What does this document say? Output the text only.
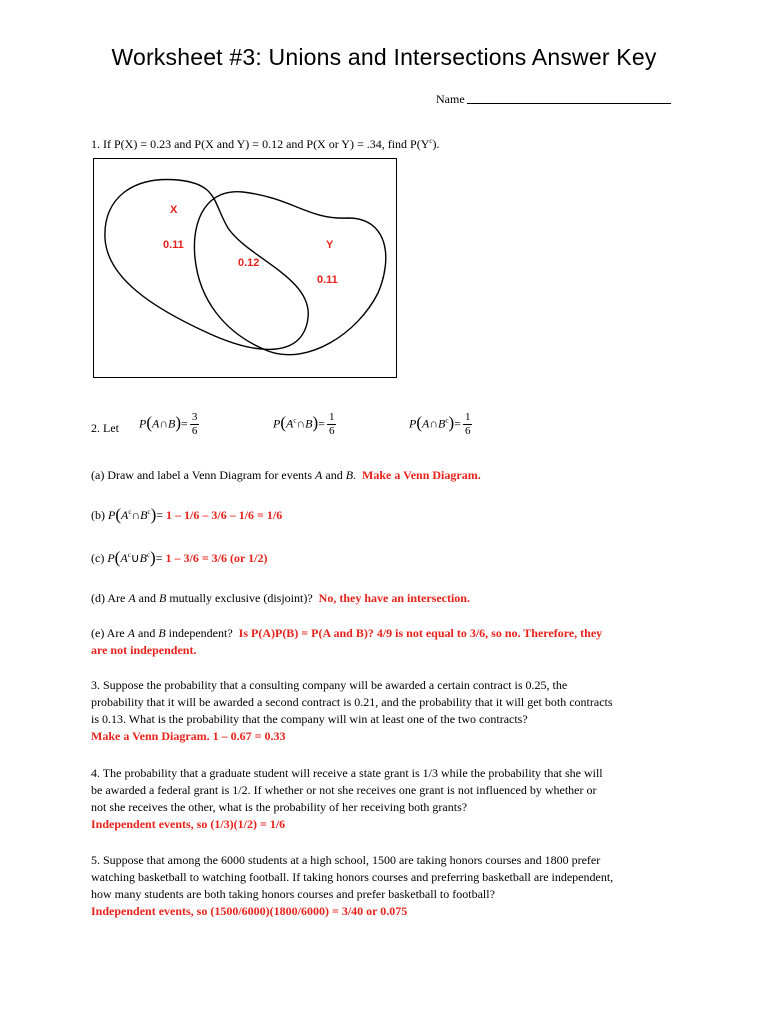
Worksheet #3: Unions and Intersections Answer Key
Name
1. If P(X) = 0.23 and P(X and Y) = 0.12 and P(X or Y) = .34, find $P(Y^c)$.
X
0.11
0.12
Y
0.11
2. Let P(A∩B)= $\frac{3}{6}$	$P(A^c\cap B)= \frac{1}{6}$	$P(A\cap B^c)= \frac{1}{6}$
(a) Draw and label a Venn Diagram for events A and B. Make a Venn Diagram.
(b) $P(A^c\cap B^c)= 1 - 1/6 - 3/6 - 1/6 = 1/6$
(c) $P(A^c\cup B^c)= 1 - 3/6 = 3/6$ (or 1/2)
(d) Are A and B mutually exclusive (disjoint)? No, they have an intersection.
(e) Are A and B independent? Is P(A)P(B) = P(A and B)? 4/9 is not equal to 3/6, so no. Therefore, they
are not independent.
3. Suppose the probability that a consulting company will be awarded a certain contract is 0.25, the
probability that it will be awarded a second contract is 0.21, and the probability that it will get both contracts
is 0.13. What is the probability that the company will win at least one of the two contracts?
Make a Venn Diagram. 1 – 0.67 = 0.33
4. The probability that a graduate student will receive a state grant is 1/3 while the probability that she will
be awarded a federal grant is 1/2. If whether or not she receives one grant is not influenced by whether or
not she receives the other, what is the probability of her receiving both grants?
Independent events, so (1/3)(1/2) = 1/6
5. Suppose that among the 6000 students at a high school, 1500 are taking honors courses and 1800 prefer
watching basketball to watching football. If taking honors courses and preferring basketball are independent,
how many students are both taking honors courses and prefer basketball to football?
Independent events, so (1500/6000)(1800/6000) = 3/40 or 0.075
